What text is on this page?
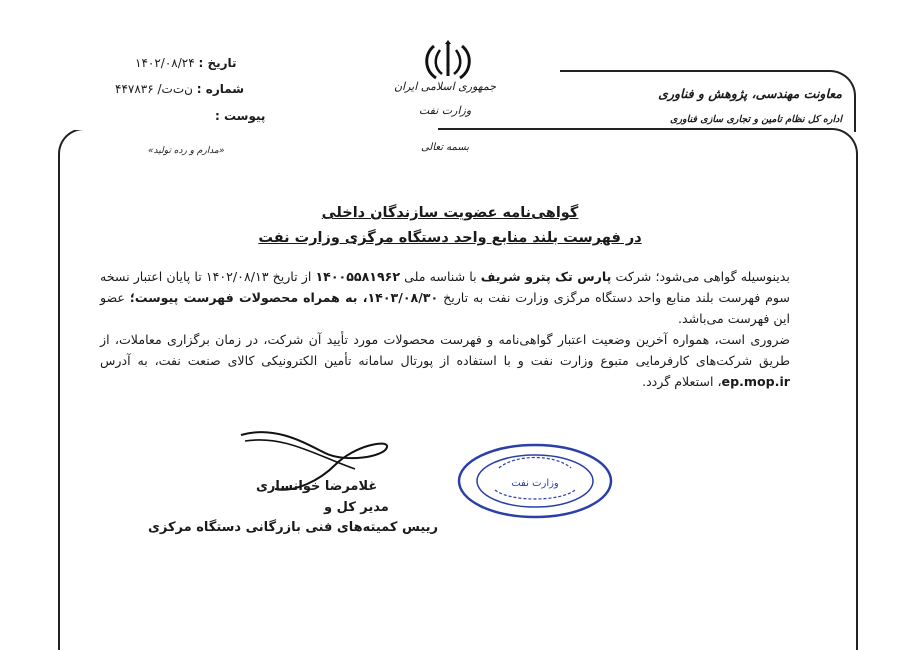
تاریخ : ۱۴۰۲/۰۸/۲۴
شماره : ن‌ت‌ت/ ۴۴۷۸۳۶
پیوست :
«مدارم و رده تولید»
جمهوری اسلامی ایران
وزارت نفت
بسمه تعالی
معاونت مهندسی، پژوهش و فناوری
اداره کل نظام تامین و تجاری سازی فناوری
گواهی‌نامه عضویت سازندگان داخلی
در فهرست بلند منابع واحد دستگاه مرگزی وزارت نفت

بدینوسیله گواهی می‌شود؛ شرکت پارس تک پترو شریف با شناسه ملی ۱۴۰۰۵۵۸۱۹۶۲ از تاریخ ۱۴۰۲/۰۸/۱۳ تا پایان اعتبار نسخه سوم فهرست بلند منابع واحد دستگاه مرگزی وزارت نفت به تاریخ ۱۴۰۳/۰۸/۳۰، به همراه محصولات فهرست پیوست؛ عضو این فهرست می‌باشد.

ضروری است، همواره آخرین وضعیت اعتبار گواهی‌نامه و فهرست محصولات مورد تأیید آن شرکت، در زمان برگزاری معاملات، از طریق شرکت‌های کارفرمایی متبوع وزارت نفت و با استفاده از پورتال سامانه تأمین الکترونیکی کالای صنعت نفت، به آدرس ep.mop.ir، استعلام گردد.

غلامرضا خوانساری
مدیر کل و
رییس کمیته‌های فنی بازرگانی دستگاه مرکزی
وزارت نفت
